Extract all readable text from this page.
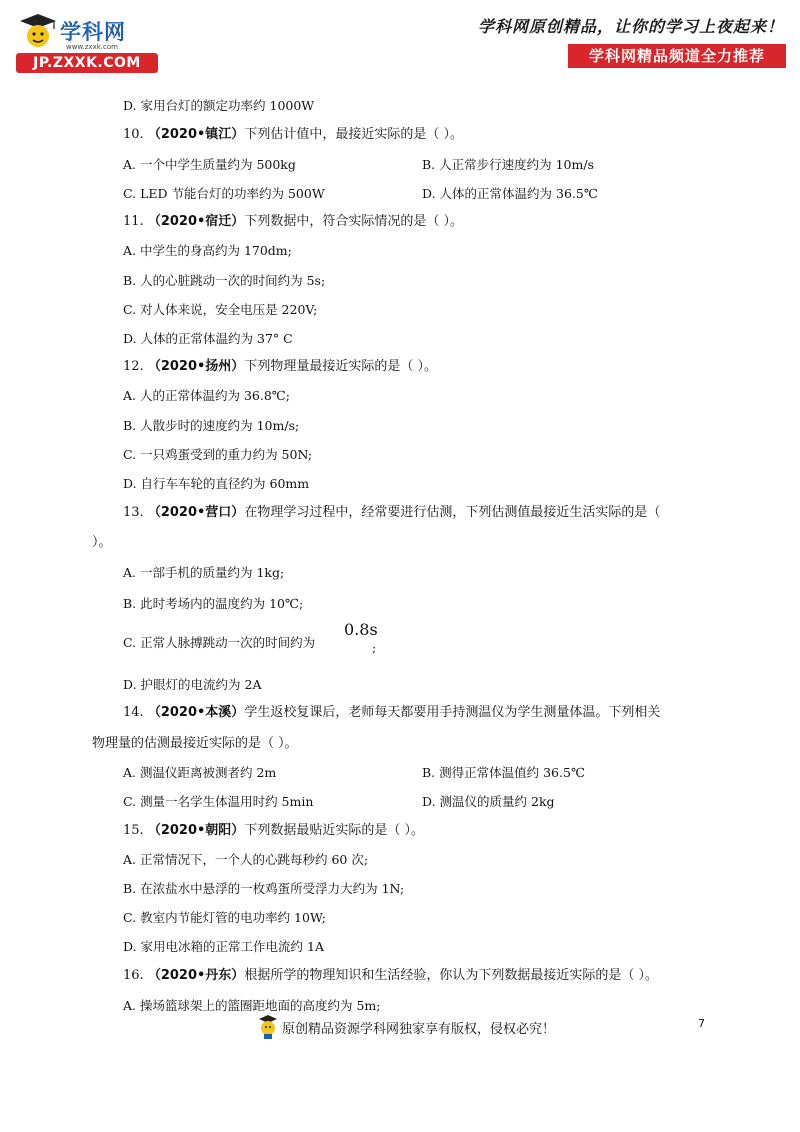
学科网
www.zxxk.com
JP.ZXXK.COM
学科网原创精品，让你的学习上夜起来！
学科网精品频道全力推荐
D. 家用台灯的额定功率约 1000W
10. （2020•镇江）下列估计值中，最接近实际的是（ ）。
A. 一个中学生质量约为 500kg	B. 人正常步行速度约为 10m/s
C. LED 节能台灯的功率约为 500W	D. 人体的正常体温约为 36.5℃
11. （2020•宿迁）下列数据中，符合实际情况的是（ ）。
A. 中学生的身高约为 170dm;
B. 人的心脏跳动一次的时间约为 5s;
C. 对人体来说，安全电压是 220V;
D. 人体的正常体温约为 37° C
12. （2020•扬州）下列物理量最接近实际的是（ ）。
A. 人的正常体温约为 36.8℃;
B. 人散步时的速度约为 10m/s;
C. 一只鸡蛋受到的重力约为 50N;
D. 自行车车轮的直径约为 60mm
13. （2020•营口）在物理学习过程中，经常要进行估测，下列估测值最接近生活实际的是（
）。
A. 一部手机的质量约为 1kg;
B. 此时考场内的温度约为 10℃;
C. 正常人脉搏跳动一次的时间约为
0.8s
;
D. 护眼灯的电流约为 2A
14. （2020•本溪）学生返校复课后，老师每天都要用手持测温仪为学生测量体温。下列相关
物理量的估测最接近实际的是（ ）。
A. 测温仪距离被测者约 2m	B. 测得正常体温值约 36.5℃
C. 测量一名学生体温用时约 5min	D. 测温仪的质量约 2kg
15. （2020•朝阳）下列数据最贴近实际的是（ ）。
A. 正常情况下，一个人的心跳每秒约 60 次;
B. 在浓盐水中悬浮的一枚鸡蛋所受浮力大约为 1N;
C. 教室内节能灯管的电功率约 10W;
D. 家用电冰箱的正常工作电流约 1A
16. （2020•丹东）根据所学的物理知识和生活经验，你认为下列数据最接近实际的是（ ）。
A. 操场篮球架上的篮圈距地面的高度约为 5m;
7
原创精品资源学科网独家享有版权，侵权必究！
